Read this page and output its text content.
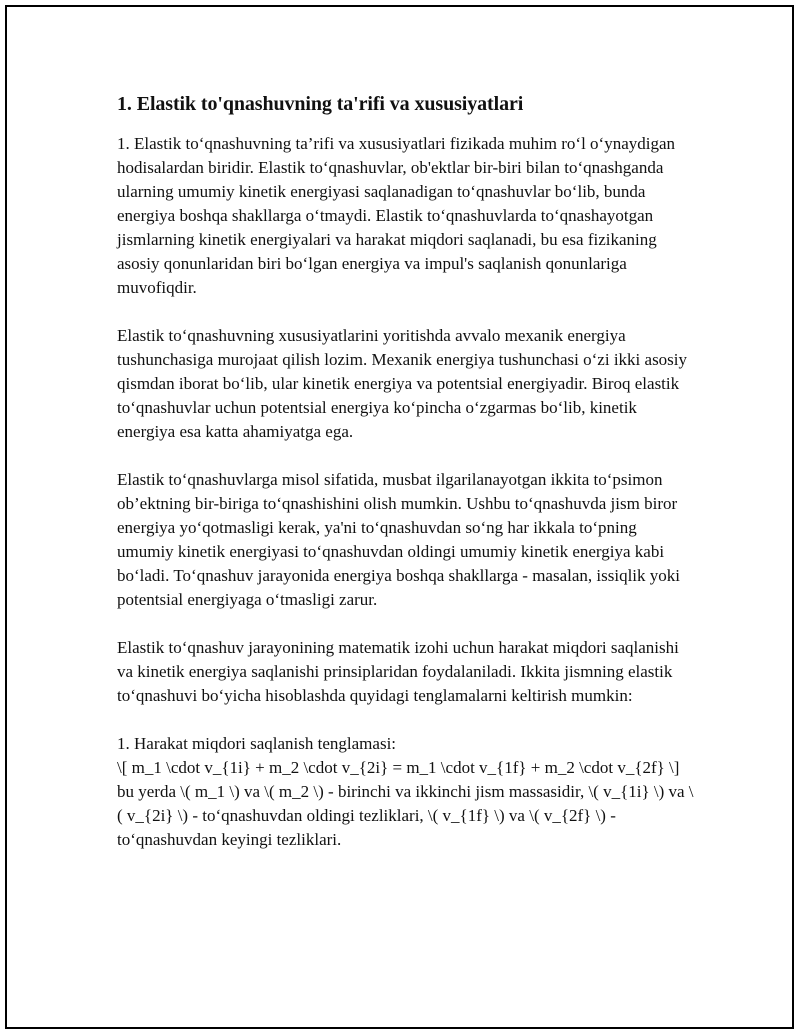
1. Elastik to'qnashuvning ta'rifi va xususiyatlari

1. Elastik to‘qnashuvning ta’rifi va xususiyatlari fizikada muhim ro‘l o‘ynaydigan hodisalardan biridir. Elastik to‘qnashuvlar, ob'ektlar bir-biri bilan to‘qnashganda ularning umumiy kinetik energiyasi saqlanadigan to‘qnashuvlar bo‘lib, bunda energiya boshqa shakllarga o‘tmaydi. Elastik to‘qnashuvlarda to‘qnashayotgan jismlarning kinetik energiyalari va harakat miqdori saqlanadi, bu esa fizikaning asosiy qonunlaridan biri bo‘lgan energiya va impul's saqlanish qonunlariga muvofiqdir.

Elastik to‘qnashuvning xususiyatlarini yoritishda avvalo mexanik energiya tushunchasiga murojaat qilish lozim. Mexanik energiya tushunchasi o‘zi ikki asosiy qismdan iborat bo‘lib, ular kinetik energiya va potentsial energiyadir. Biroq elastik to‘qnashuvlar uchun potentsial energiya ko‘pincha o‘zgarmas bo‘lib, kinetik energiya esa katta ahamiyatga ega.

Elastik to‘qnashuvlarga misol sifatida, musbat ilgarilanayotgan ikkita to‘psimon ob’ektning bir-biriga to‘qnashishini olish mumkin. Ushbu to‘qnashuvda jism biror energiya yo‘qotmasligi kerak, ya'ni to‘qnashuvdan so‘ng har ikkala to‘pning umumiy kinetik energiyasi to‘qnashuvdan oldingi umumiy kinetik energiya kabi bo‘ladi. To‘qnashuv jarayonida energiya boshqa shakllarga - masalan, issiqlik yoki potentsial energiyaga o‘tmasligi zarur.

Elastik to‘qnashuv jarayonining matematik izohi uchun harakat miqdori saqlanishi va kinetik energiya saqlanishi prinsiplaridan foydalaniladi. Ikkita jismning elastik to‘qnashuvi bo‘yicha hisoblashda quyidagi tenglamalarni keltirish mumkin:

1. Harakat miqdori saqlanish tenglamasi:
\[ m_1 \cdot v_{1i} + m_2 \cdot v_{2i} = m_1 \cdot v_{1f} + m_2 \cdot v_{2f} \]
bu yerda \( m_1 \) va \( m_2 \) - birinchi va ikkinchi jism massasidir, \( v_{1i} \) va \( v_{2i} \) - to‘qnashuvdan oldingi tezliklari, \( v_{1f} \) va \( v_{2f} \) - to‘qnashuvdan keyingi tezliklari.
